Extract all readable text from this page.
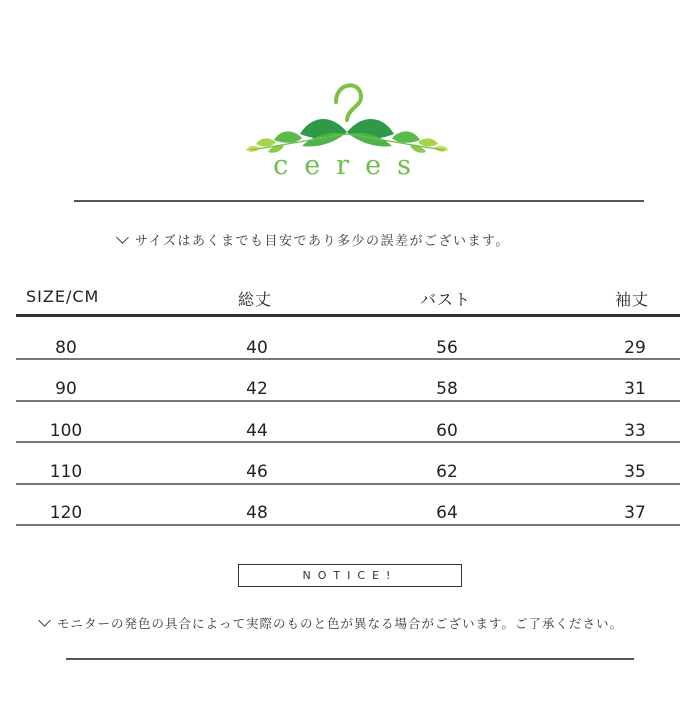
ceres
サイズはあくまでも目安であり多少の誤差がございます。
SIZE/CM	総丈	バスト	袖丈
80	40	56	29
90	42	58	31
100	44	60	33
110	46	62	35
120	48	64	37
NOTICE!
モニターの発色の具合によって実際のものと色が異なる場合がございます。ご了承ください。
